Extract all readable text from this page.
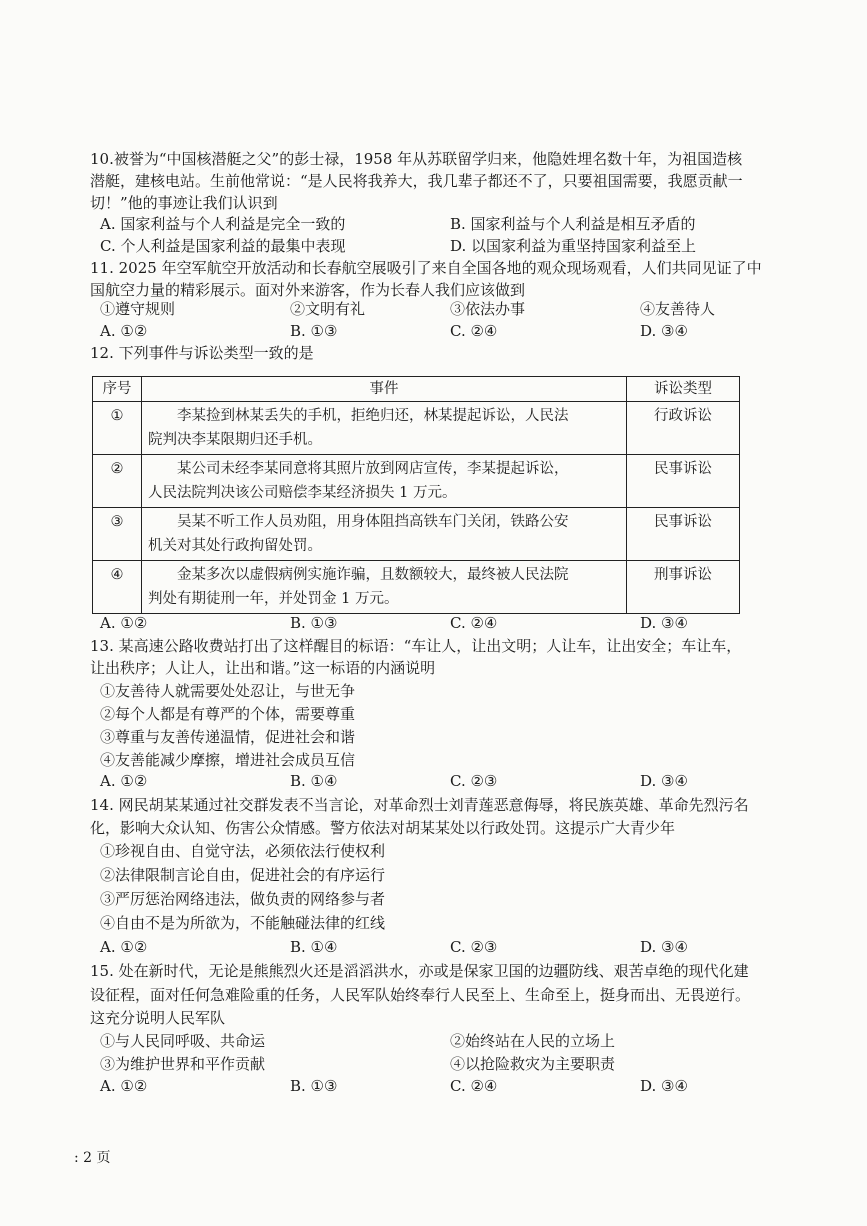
10.被誉为“中国核潜艇之父”的彭士禄，1958 年从苏联留学归来，他隐姓埋名数十年，为祖国造核
潜艇，建核电站。生前他常说：“是人民将我养大，我几辈子都还不了，只要祖国需要，我愿贡献一
切！”他的事迹让我们认识到
A. 国家利益与个人利益是完全一致的	B. 国家利益与个人利益是相互矛盾的
C. 个人利益是国家利益的最集中表现	D. 以国家利益为重坚持国家利益至上
11. 2025 年空军航空开放活动和长春航空展吸引了来自全国各地的观众现场观看，人们共同见证了中
国航空力量的精彩展示。面对外来游客，作为长春人我们应该做到
①遵守规则	②文明有礼	③依法办事	④友善待人
A. ①②	B. ①③	C. ②④	D. ③④
12. 下列事件与诉讼类型一致的是
序号	事件	诉讼类型
①	李某捡到林某丢失的手机，拒绝归还，林某提起诉讼，人民法
院判决李某限期归还手机。	行政诉讼
②	某公司未经李某同意将其照片放到网店宣传，李某提起诉讼，
人民法院判决该公司赔偿李某经济损失 1 万元。	民事诉讼
③	吴某不听工作人员劝阻，用身体阻挡高铁车门关闭，铁路公安
机关对其处行政拘留处罚。	民事诉讼
④	金某多次以虚假病例实施诈骗，且数额较大，最终被人民法院
判处有期徒刑一年，并处罚金 1 万元。	刑事诉讼
A. ①②	B. ①③	C. ②④	D. ③④
13. 某高速公路收费站打出了这样醒目的标语：“车让人，让出文明；人让车，让出安全；车让车，
让出秩序；人让人，让出和谐。”这一标语的内涵说明
①友善待人就需要处处忍让，与世无争
②每个人都是有尊严的个体，需要尊重
③尊重与友善传递温情，促进社会和谐
④友善能减少摩擦，增进社会成员互信
A. ①②	B. ①④	C. ②③	D. ③④
14. 网民胡某某通过社交群发表不当言论，对革命烈士刘青莲恶意侮辱，将民族英雄、革命先烈污名
化，影响大众认知、伤害公众情感。警方依法对胡某某处以行政处罚。这提示广大青少年
①珍视自由、自觉守法，必须依法行使权利
②法律限制言论自由，促进社会的有序运行
③严厉惩治网络违法，做负责的网络参与者
④自由不是为所欲为，不能触碰法律的红线
A. ①②	B. ①④	C. ②③	D. ③④
15. 处在新时代，无论是熊熊烈火还是滔滔洪水，亦或是保家卫国的边疆防线、艰苦卓绝的现代化建
设征程，面对任何急难险重的任务，人民军队始终奉行人民至上、生命至上，挺身而出、无畏逆行。
这充分说明人民军队
①与人民同呼吸、共命运	②始终站在人民的立场上
③为维护世界和平作贡献	④以抢险救灾为主要职责
A. ①②	B. ①③	C. ②④	D. ③④
: 2 页
